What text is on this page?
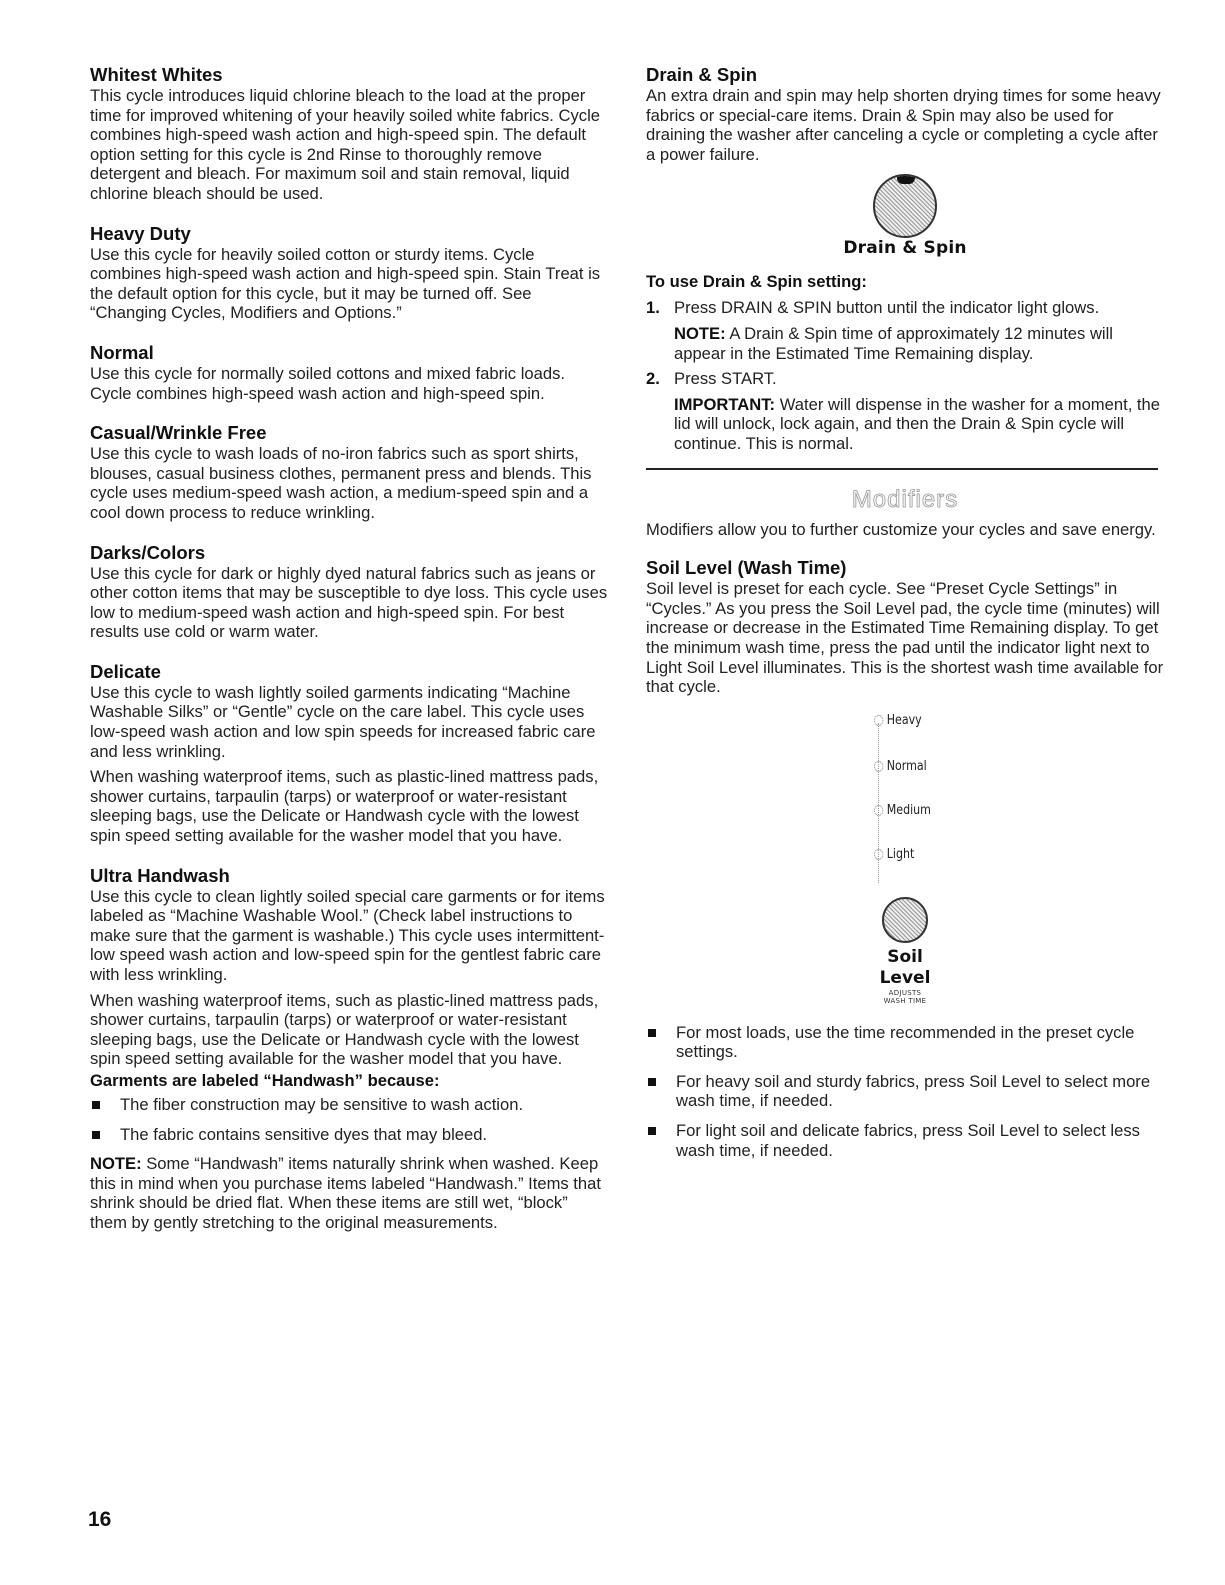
Whitest Whites

This cycle introduces liquid chlorine bleach to the load at the proper time for improved whitening of your heavily soiled white fabrics. Cycle combines high-speed wash action and high-speed spin. The default option setting for this cycle is 2nd Rinse to thoroughly remove detergent and bleach. For maximum soil and stain removal, liquid chlorine bleach should be used.

Heavy Duty

Use this cycle for heavily soiled cotton or sturdy items. Cycle combines high-speed wash action and high-speed spin. Stain Treat is the default option for this cycle, but it may be turned off. See “Changing Cycles, Modifiers and Options.”

Normal

Use this cycle for normally soiled cottons and mixed fabric loads. Cycle combines high-speed wash action and high-speed spin.

Casual/Wrinkle Free

Use this cycle to wash loads of no-iron fabrics such as sport shirts, blouses, casual business clothes, permanent press and blends. This cycle uses medium-speed wash action, a medium-speed spin and a cool down process to reduce wrinkling.

Darks/Colors

Use this cycle for dark or highly dyed natural fabrics such as jeans or other cotton items that may be susceptible to dye loss. This cycle uses low to medium-speed wash action and high-speed spin. For best results use cold or warm water.

Delicate

Use this cycle to wash lightly soiled garments indicating “Machine Washable Silks” or “Gentle” cycle on the care label. This cycle uses low-speed wash action and low spin speeds for increased fabric care and less wrinkling.

When washing waterproof items, such as plastic-lined mattress pads, shower curtains, tarpaulin (tarps) or waterproof or water-resistant sleeping bags, use the Delicate or Handwash cycle with the lowest spin speed setting available for the washer model that you have.

Ultra Handwash

Use this cycle to clean lightly soiled special care garments or for items labeled as “Machine Washable Wool.” (Check label instructions to make sure that the garment is washable.) This cycle uses intermittent-low speed wash action and low-speed spin for the gentlest fabric care with less wrinkling.

When washing waterproof items, such as plastic-lined mattress pads, shower curtains, tarpaulin (tarps) or waterproof or water-resistant sleeping bags, use the Delicate or Handwash cycle with the lowest spin speed setting available for the washer model that you have.

Garments are labeled “Handwash” because:
The fiber construction may be sensitive to wash action.
The fabric contains sensitive dyes that may bleed.

NOTE: Some “Handwash” items naturally shrink when washed. Keep this in mind when you purchase items labeled “Handwash.” Items that shrink should be dried flat. When these items are still wet, “block” them by gently stretching to the original measurements.

Drain & Spin

An extra drain and spin may help shorten drying times for some heavy fabrics or special-care items. Drain & Spin may also be used for draining the washer after canceling a cycle or completing a cycle after a power failure.

Drain & Spin
To use Drain & Spin setting:
1. Press DRAIN & SPIN button until the indicator light glows.

NOTE: A Drain & Spin time of approximately 12 minutes will appear in the Estimated Time Remaining display.

2. Press START.

IMPORTANT: Water will dispense in the washer for a moment, the lid will unlock, lock again, and then the Drain & Spin cycle will continue. This is normal.

Modifiers

Modifiers allow you to further customize your cycles and save energy.

Soil Level (Wash Time)

Soil level is preset for each cycle. See “Preset Cycle Settings” in “Cycles.” As you press the Soil Level pad, the cycle time (minutes) will increase or decrease in the Estimated Time Remaining display. To get the minimum wash time, press the pad until the indicator light next to Light Soil Level illuminates. This is the shortest wash time available for that cycle.

Heavy
Normal
Medium
Light
Soil
Level
ADJUSTS
WASH TIME
For most loads, use the time recommended in the preset cycle settings.
For heavy soil and sturdy fabrics, press Soil Level to select more wash time, if needed.
For light soil and delicate fabrics, press Soil Level to select less wash time, if needed.
16
